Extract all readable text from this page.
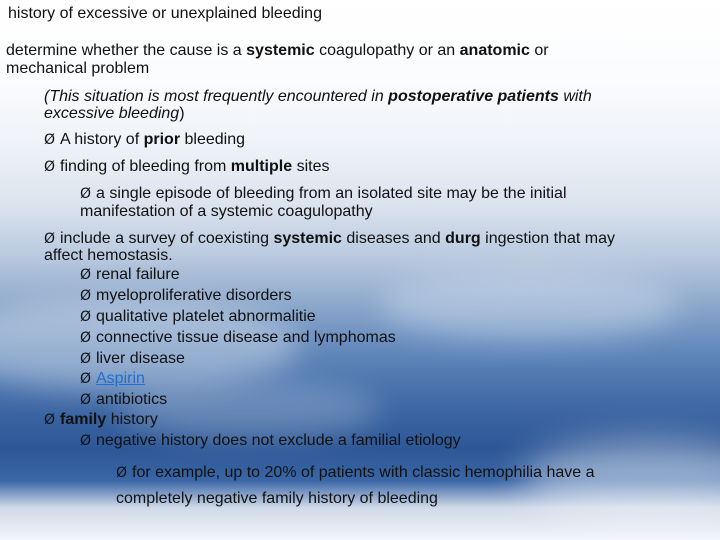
history of excessive or unexplained bleeding
determine whether the cause is a systemic coagulopathy or an anatomic or
mechanical problem
(This situation is most frequently encountered in postoperative patients with
excessive bleeding)
Ø A history of prior bleeding
Ø finding of bleeding from multiple sites
Ø a single episode of bleeding from an isolated site may be the initial
manifestation of a systemic coagulopathy
Ø include a survey of coexisting systemic diseases and durg ingestion that may
affect hemostasis.
Ø renal failure
Ø myeloproliferative disorders
Ø qualitative platelet abnormalitie
Ø connective tissue disease and lymphomas
Ø liver disease
Ø Aspirin
Ø antibiotics
Ø family history
Ø negative history does not exclude a familial etiology
Ø for example, up to 20% of patients with classic hemophilia have a
completely negative family history of bleeding
